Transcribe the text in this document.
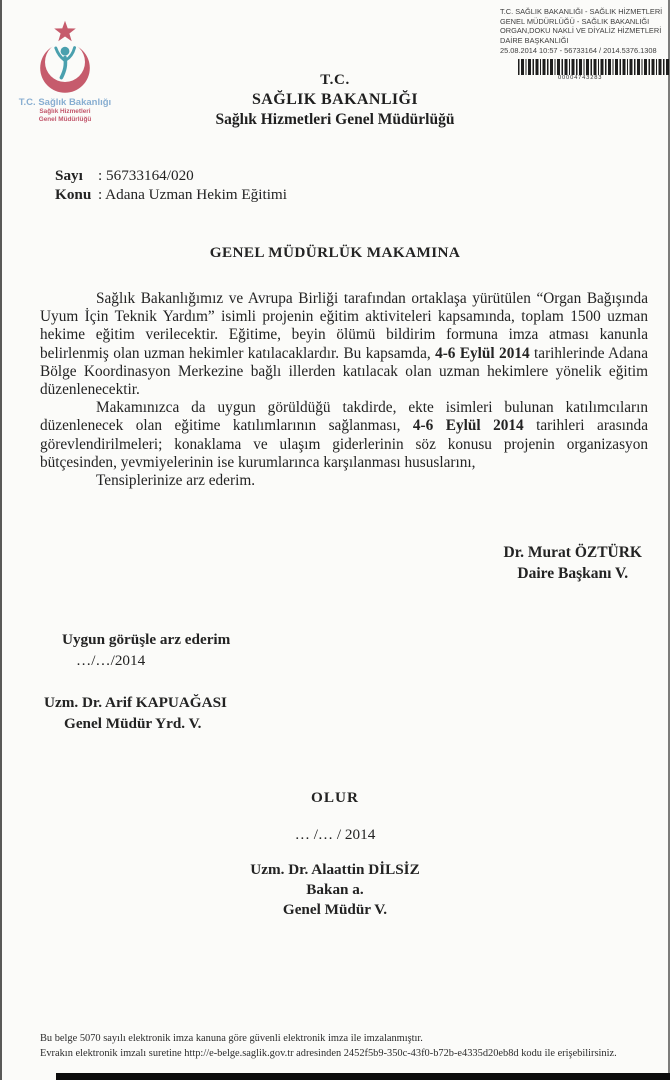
T.C. SAĞLIK BAKANLIĞI - SAĞLIK HİZMETLERİ
GENEL MÜDÜRLÜĞÜ - SAĞLIK BAKANLIĞI
ORGAN,DOKU NAKLİ VE DİYALİZ HİZMETLERİ
DAİRE BAŞKANLIĞI
25.08.2014 10:57 - 56733164 / 2014.5376.1308
00004743283
T.C. Sağlık Bakanlığı
Sağlık Hizmetleri
Genel Müdürlüğü
T.C.
SAĞLIK BAKANLIĞI
Sağlık Hizmetleri Genel Müdürlüğü
Sayı : 56733164/020
Konu : Adana Uzman Hekim Eğitimi
GENEL MÜDÜRLÜK MAKAMINA

Sağlık Bakanlığımız ve Avrupa Birliği tarafından ortaklaşa yürütülen “Organ Bağışında Uyum İçin Teknik Yardım” isimli projenin eğitim aktiviteleri kapsamında, toplam 1500 uzman hekime eğitim verilecektir. Eğitime, beyin ölümü bildirim formuna imza atması kanunla belirlenmiş olan uzman hekimler katılacaklardır. Bu kapsamda, 4-6 Eylül 2014 tarihlerinde Adana Bölge Koordinasyon Merkezine bağlı illerden katılacak olan uzman hekimlere yönelik eğitim düzenlenecektir.

Makamınızca da uygun görüldüğü takdirde, ekte isimleri bulunan katılımcıların düzenlenecek olan eğitime katılımlarının sağlanması, 4-6 Eylül 2014 tarihleri arasında görevlendirilmeleri; konaklama ve ulaşım giderlerinin söz konusu projenin organizasyon bütçesinden, yevmiyelerinin ise kurumlarınca karşılanması hususlarını,

Tensiplerinize arz ederim.

Dr. Murat ÖZTÜRK
Daire Başkanı V.
Uygun görüşle arz ederim
…/…/2014
Uzm. Dr. Arif KAPUAĞASI
Genel Müdür Yrd. V.
OLUR
… /… / 2014
Uzm. Dr. Alaattin DİLSİZ
Bakan a.
Genel Müdür V.
Bu belge 5070 sayılı elektronik imza kanuna göre güvenli elektronik imza ile imzalanmıştır.
Evrakın elektronik imzalı suretine http://e-belge.saglik.gov.tr adresinden 2452f5b9-350c-43f0-b72b-e4335d20eb8d kodu ile erişebilirsiniz.
